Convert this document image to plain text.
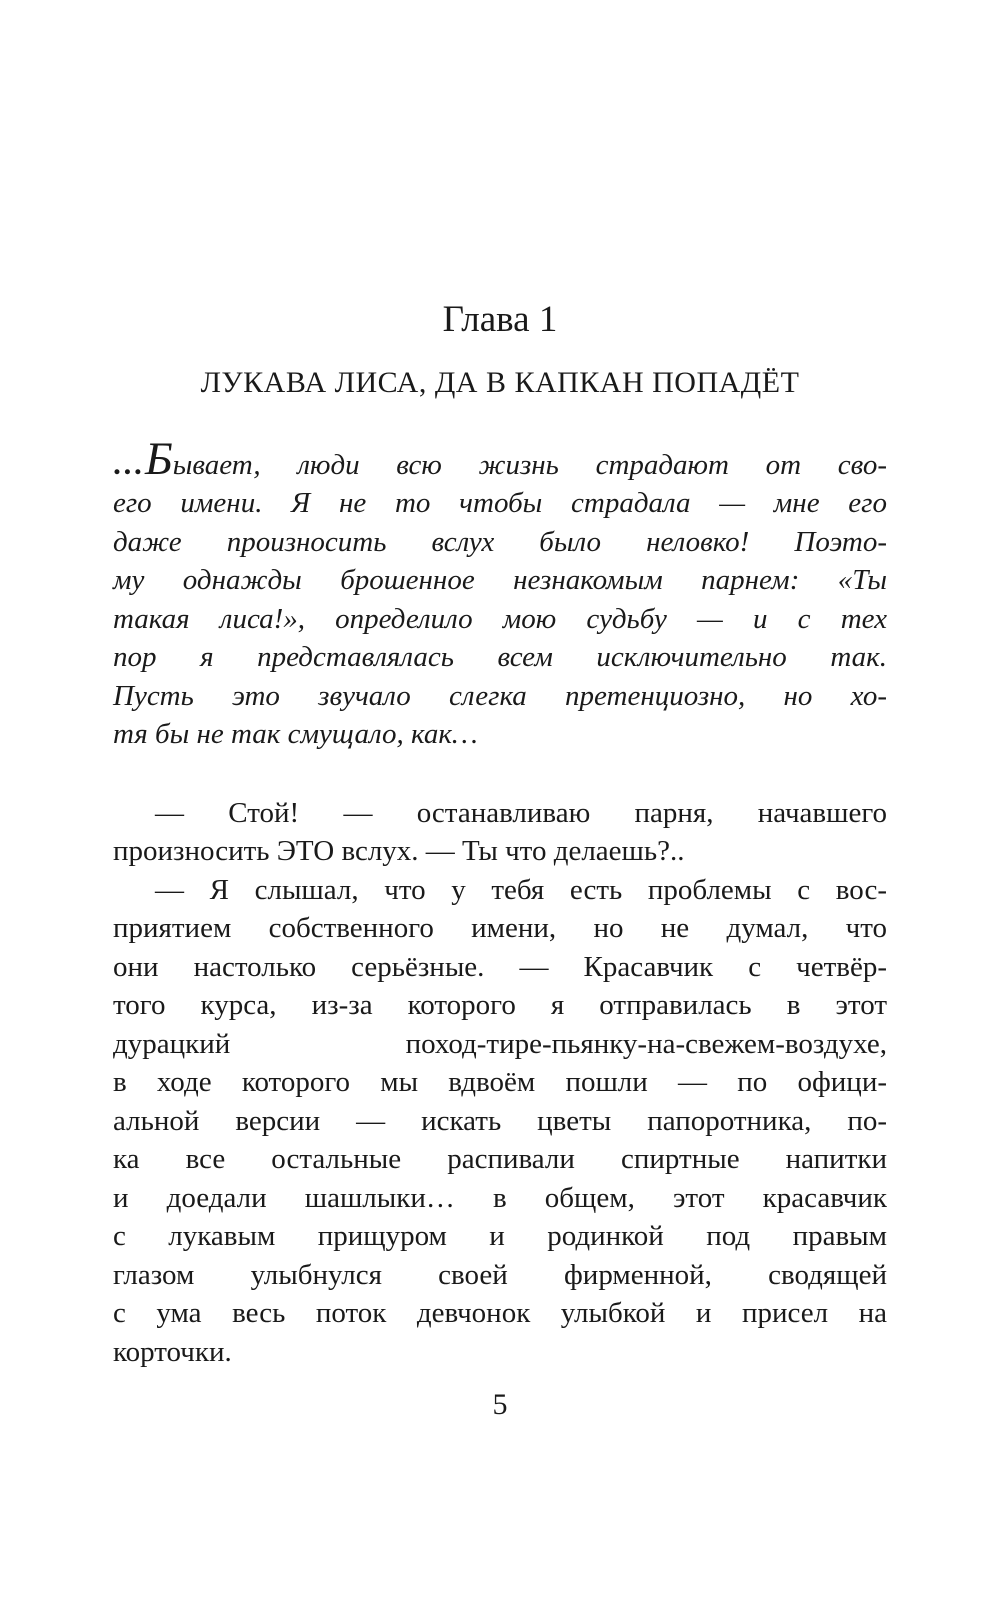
Глава 1
ЛУКАВА ЛИСА, ДА В КАПКАН ПОПАДЁТ
…Бывает, люди всю жизнь страдают от сво-
его имени. Я не то чтобы страдала — мне его
даже произносить вслух было неловко! Поэто-
му однажды брошенное незнакомым парнем: «Ты
такая лиса!», определило мою судьбу — и с тех
пор я представлялась всем исключительно так.
Пусть это звучало слегка претенциозно, но хо-
тя бы не так смущало, как…
— Стой! — останавливаю парня, начавшего
произносить ЭТО вслух. — Ты что делаешь?..
— Я слышал, что у тебя есть проблемы с вос-
приятием собственного имени, но не думал, что
они настолько серьёзные. — Красавчик с четвёр-
того курса, из-за которого я отправилась в этот
дурацкий поход-тире-пьянку-на-свежем-воздухе,
в ходе которого мы вдвоём пошли — по офици-
альной версии — искать цветы папоротника, по-
ка все остальные распивали спиртные напитки
и доедали шашлыки… в общем, этот красавчик
с лукавым прищуром и родинкой под правым
глазом улыбнулся своей фирменной, сводящей
с ума весь поток девчонок улыбкой и присел на
корточки.
5
